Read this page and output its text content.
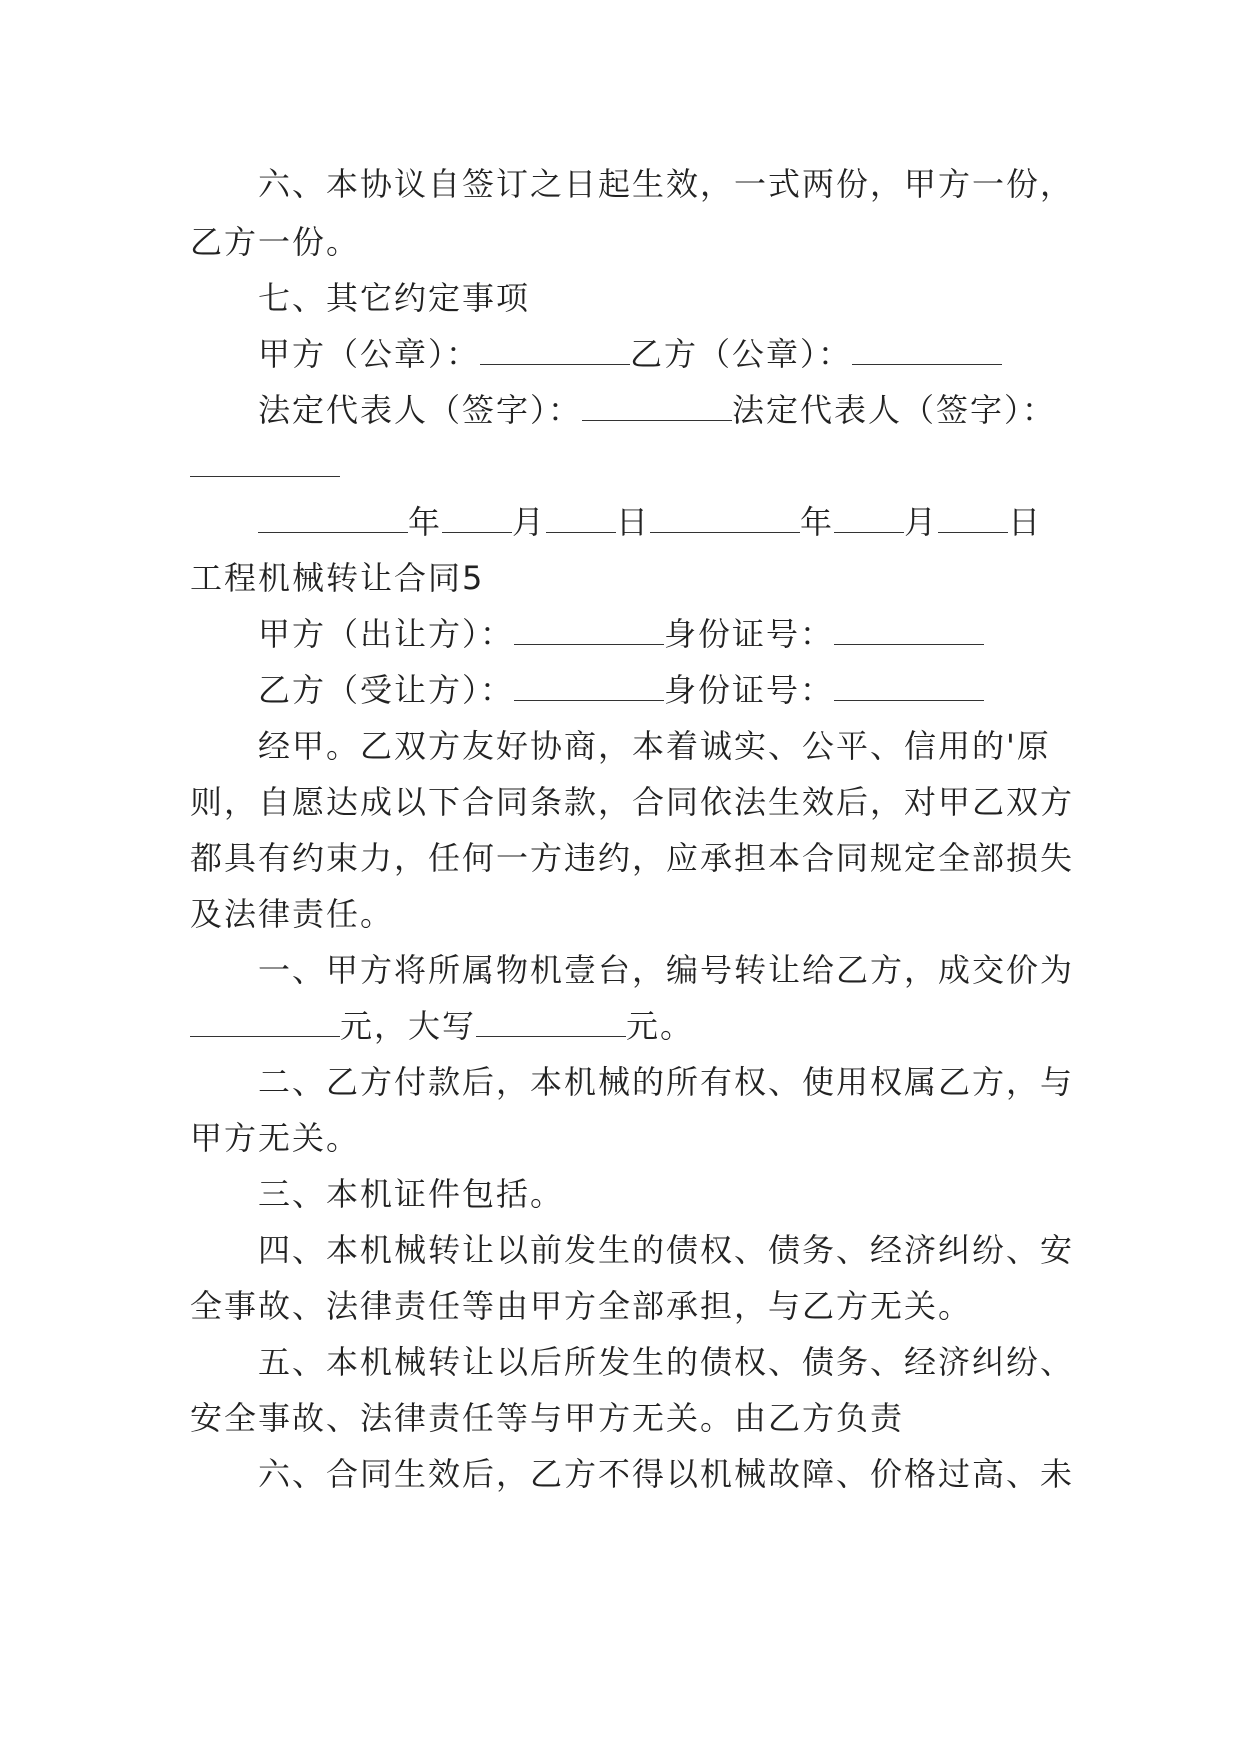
六、本协议自签订之日起生效，一式两份，甲方一份，
乙方一份。
七、其它约定事项
甲方（公章）：	乙方（公章）：
法定代表人（签字）：	法定代表人（签字）：
年 月 日	年 月 日
工程机械转让合同5
甲方（出让方）：	身份证号：
乙方（受让方）：	身份证号：
经甲。乙双方友好协商，本着诚实、公平、信用的'原
则，自愿达成以下合同条款，合同依法生效后，对甲乙双方
都具有约束力，任何一方违约，应承担本合同规定全部损失
及法律责任。
一、甲方将所属物机壹台，编号转让给乙方，成交价为
元，大写	元。
二、乙方付款后，本机械的所有权、使用权属乙方，与
甲方无关。
三、本机证件包括。
四、本机械转让以前发生的债权、债务、经济纠纷、安
全事故、法律责任等由甲方全部承担，与乙方无关。
五、本机械转让以后所发生的债权、债务、经济纠纷、
安全事故、法律责任等与甲方无关。由乙方负责
六、合同生效后，乙方不得以机械故障、价格过高、未
